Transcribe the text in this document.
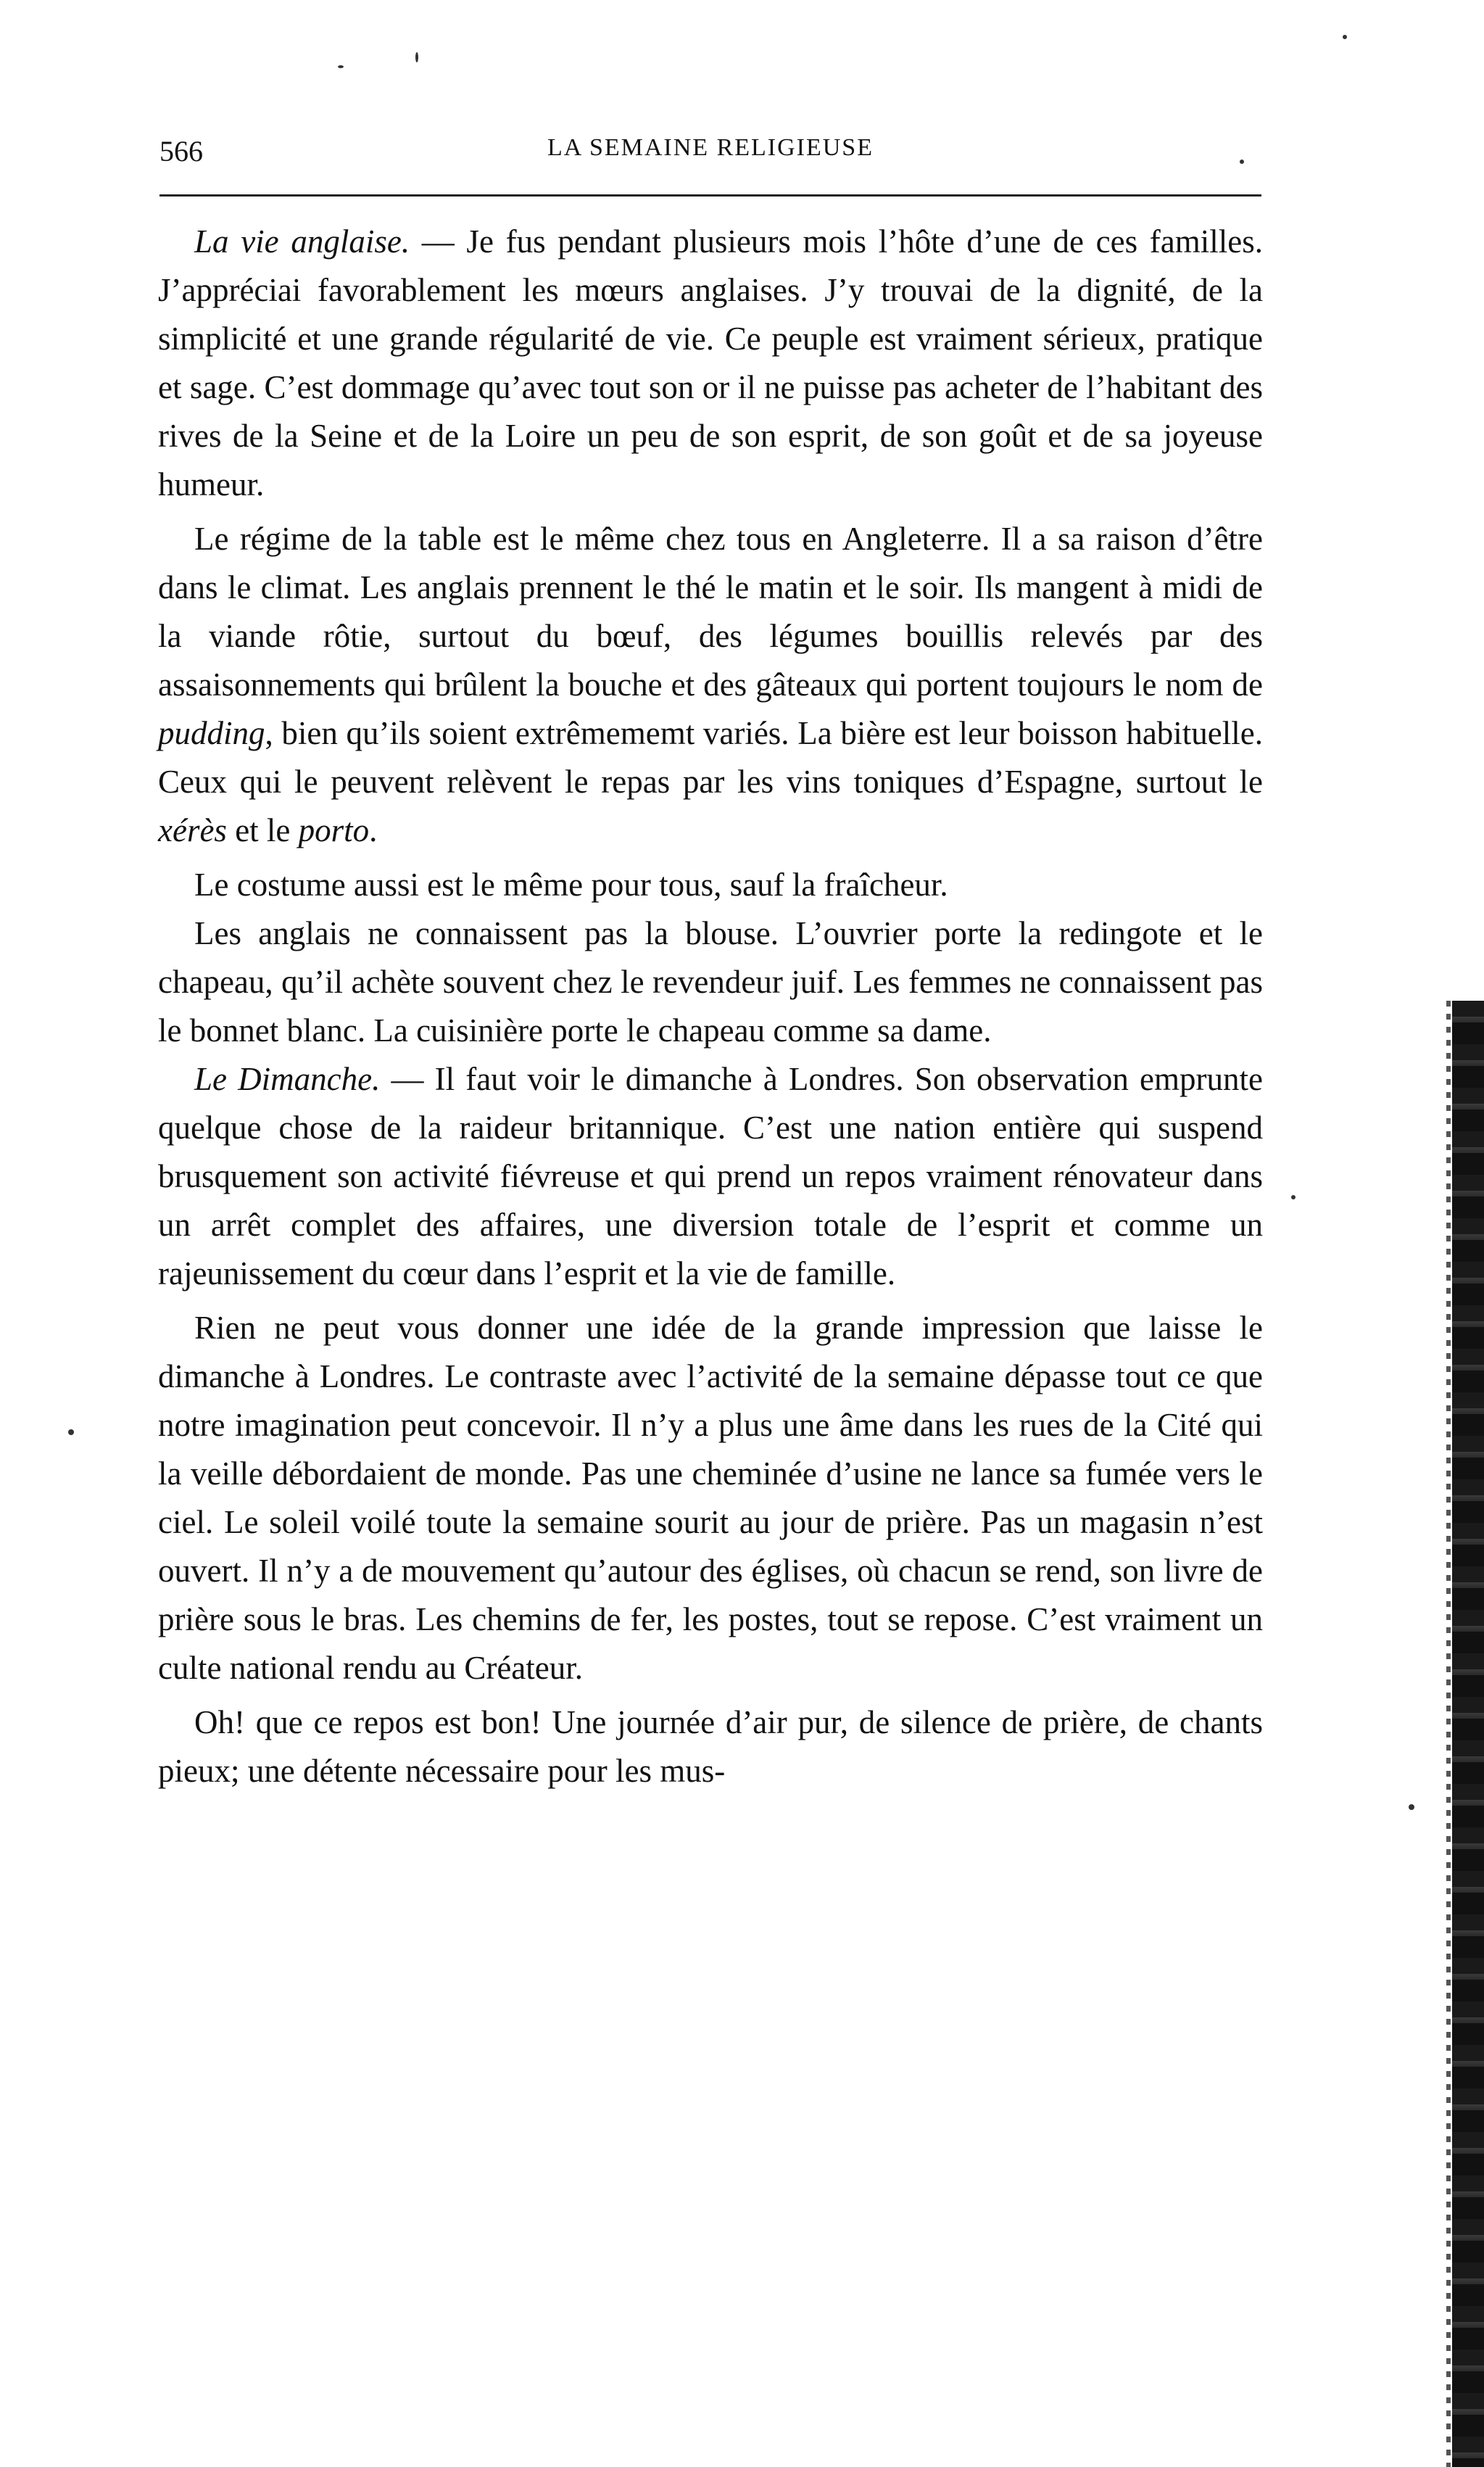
566	LA SEMAINE RELIGIEUSE

La vie anglaise. — Je fus pendant plusieurs mois l’hôte d’une de ces familles. J’appréciai favorablement les mœurs anglaises. J’y trouvai de la dignité, de la simplicité et une grande régularité de vie. Ce peuple est vraiment sérieux, pratique et sage. C’est dommage qu’avec tout son or il ne puisse pas acheter de l’habitant des rives de la Seine et de la Loire un peu de son esprit, de son goût et de sa joyeuse humeur.

Le régime de la table est le même chez tous en Angleterre. Il a sa raison d’être dans le climat. Les anglais prennent le thé le matin et le soir. Ils mangent à midi de la viande rôtie, surtout du bœuf, des légumes bouillis relevés par des assaisonnements qui brûlent la bouche et des gâteaux qui portent toujours le nom de pudding, bien qu’ils soient extrêmememt variés. La bière est leur boisson habituelle. Ceux qui le peuvent relèvent le repas par les vins toniques d’Espagne, surtout le xérès et le porto.

Le costume aussi est le même pour tous, sauf la fraîcheur.

Les anglais ne connaissent pas la blouse. L’ouvrier porte la redingote et le chapeau, qu’il achète souvent chez le revendeur juif. Les femmes ne connaissent pas le bonnet blanc. La cuisinière porte le chapeau comme sa dame.

Le Dimanche. — Il faut voir le dimanche à Londres. Son observation emprunte quelque chose de la raideur britannique. C’est une nation entière qui suspend brusquement son activité fiévreuse et qui prend un repos vraiment rénovateur dans un arrêt complet des affaires, une diversion totale de l’esprit et comme un rajeunissement du cœur dans l’esprit et la vie de famille.

Rien ne peut vous donner une idée de la grande impression que laisse le dimanche à Londres. Le contraste avec l’activité de la semaine dépasse tout ce que notre imagination peut concevoir. Il n’y a plus une âme dans les rues de la Cité qui la veille débordaient de monde. Pas une cheminée d’usine ne lance sa fumée vers le ciel. Le soleil voilé toute la semaine sourit au jour de prière. Pas un magasin n’est ouvert. Il n’y a de mouvement qu’autour des églises, où chacun se rend, son livre de prière sous le bras. Les chemins de fer, les postes, tout se repose. C’est vraiment un culte national rendu au Créateur.

Oh! que ce repos est bon! Une journée d’air pur, de silence de prière, de chants pieux; une détente nécessaire pour les mus-
